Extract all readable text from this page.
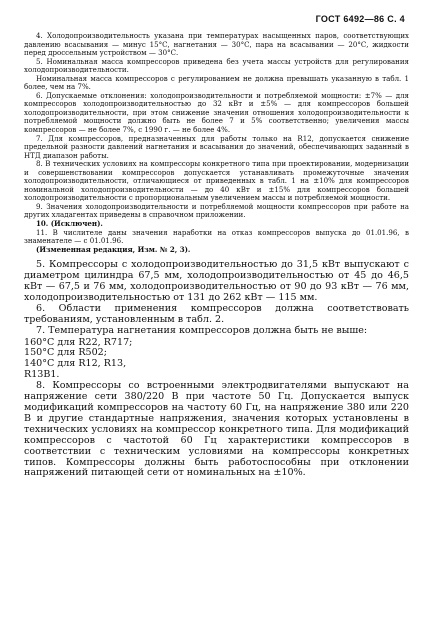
ГОСТ 6492—86 С. 4

4. Холодопроизводительность указана при температурах насыщенных паров, соответствующих давлению всасывания — минус 15°С, нагнетания — 30°С, пара на всасывании — 20°С, жидкости перед дроссельным устройством — 30°С.

5. Номинальная масса компрессоров приведена без учета массы устройств для регулирования холодопроизводительности.

Номинальная масса компрессоров с регулированием не должна превышать указанную в табл. 1 более, чем на 7%.

6. Допускаемые отклонения: холодопроизводительности и потребляемой мощности: ±7% — для компрессоров холодопроизводительностью до 32 кВт и ±5% — для компрессоров большей холодопроизводительности, при этом снижение значения отношения холодопроизводительности к потребляемой мощности должно быть не более 7 и 5% соответственно; увеличения массы компрессоров — не более 7%, с 1990 г. — не более 4%.

7. Для компрессоров, предназначенных для работы только на R12, допускается снижение предельной разности давлений нагнетания и всасывания до значений, обеспечивающих заданный в НТД диапазон работы.

8. В технических условиях на компрессоры конкретного типа при проектировании, модернизации и совершенствовании компрессоров допускается устанавливать промежуточные значения холодопроизводительности, отличающиеся от приведенных в табл. 1 на ±10% для компрессоров номинальной холодопроизводительности — до 40 кВт и ±15% для компрессоров большей холодопроизводительности с пропорциональным увеличением массы и потребляемой мощности.

9. Значения холодопроизводительности и потребляемой мощности компрессоров при работе на других хладагентах приведены в справочном приложении.

10. (Исключен).

11. В числителе даны значения наработки на отказ компрессоров выпуска до 01.01.96, в знаменателе — с 01.01.96.

(Измененная редакция, Изм. № 2, 3).

5. Компрессоры с холодопроизводительностью до 31,5 кВт выпускают с диаметром цилиндра 67,5 мм, холодопроизводительностью от 45 до 46,5 кВт — 67,5 и 76 мм, холодопроизводительностью от 90 до 93 кВт — 76 мм, холодопроизводительностью от 131 до 262 кВт — 115 мм.

6. Области применения компрессоров должна соответствовать требованиям, установленным в табл. 2.

7. Температура нагнетания компрессоров должна быть не выше:

160°С для R22, R717;

150°С для R502;

140°С для R12, R13,

R13B1.

8. Компрессоры со встроенными электродвигателями выпускают на напряжение сети 380/220 В при частоте 50 Гц. Допускается выпуск модификаций компрессоров на частоту 60 Гц, на напряжение 380 или 220 В и другие стандартные напряжения, значения которых установлены в технических условиях на компрессор конкретного типа. Для модификаций компрессоров с частотой 60 Гц характеристики компрессоров в соответствии с техническим условиями на компрессоры конкретных типов. Компрессоры должны быть работоспособны при отклонении напряжений питающей сети от номинальных на ±10%.
